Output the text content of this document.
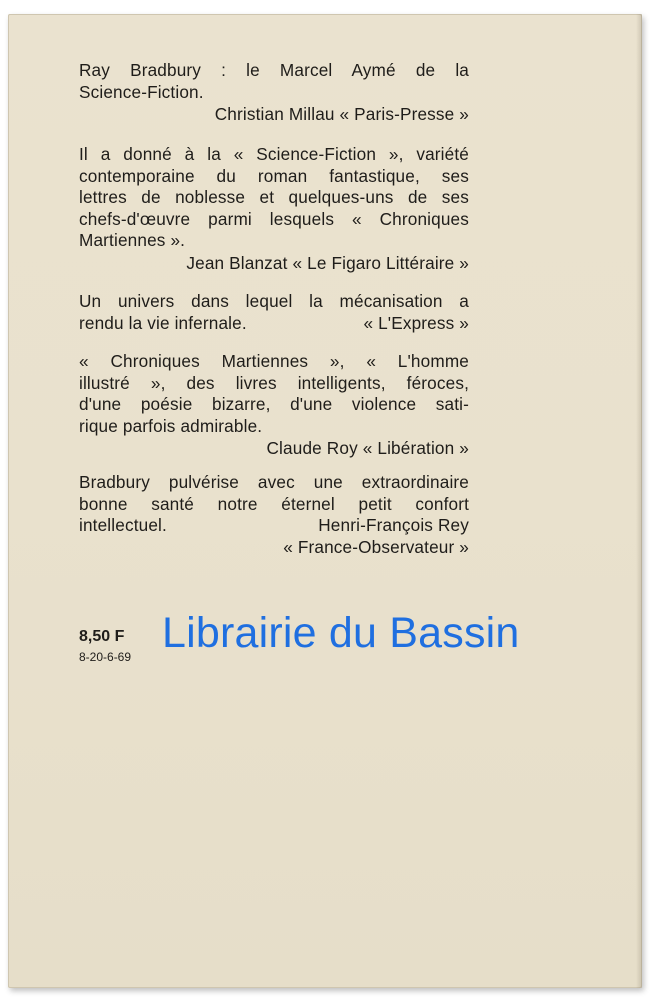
Ray Bradbury : le Marcel Aymé de la
Science-Fiction.
Christian Millau « Paris-Presse »
Il a donné à la « Science-Fiction », variété
contemporaine du roman fantastique, ses
lettres de noblesse et quelques-uns de ses
chefs-d'œuvre parmi lesquels « Chroniques
Martiennes ».
Jean Blanzat « Le Figaro Littéraire »
Un univers dans lequel la mécanisation a
rendu la vie infernale.	« L'Express »
« Chroniques Martiennes », « L'homme
illustré », des livres intelligents, féroces,
d'une poésie bizarre, d'une violence sati-
rique parfois admirable.
Claude Roy « Libération »
Bradbury pulvérise avec une extraordinaire
bonne santé notre éternel petit confort
intellectuel.	Henri-François Rey
« France-Observateur »
8,50 F
8-20-6-69 Librairie du Bassin
